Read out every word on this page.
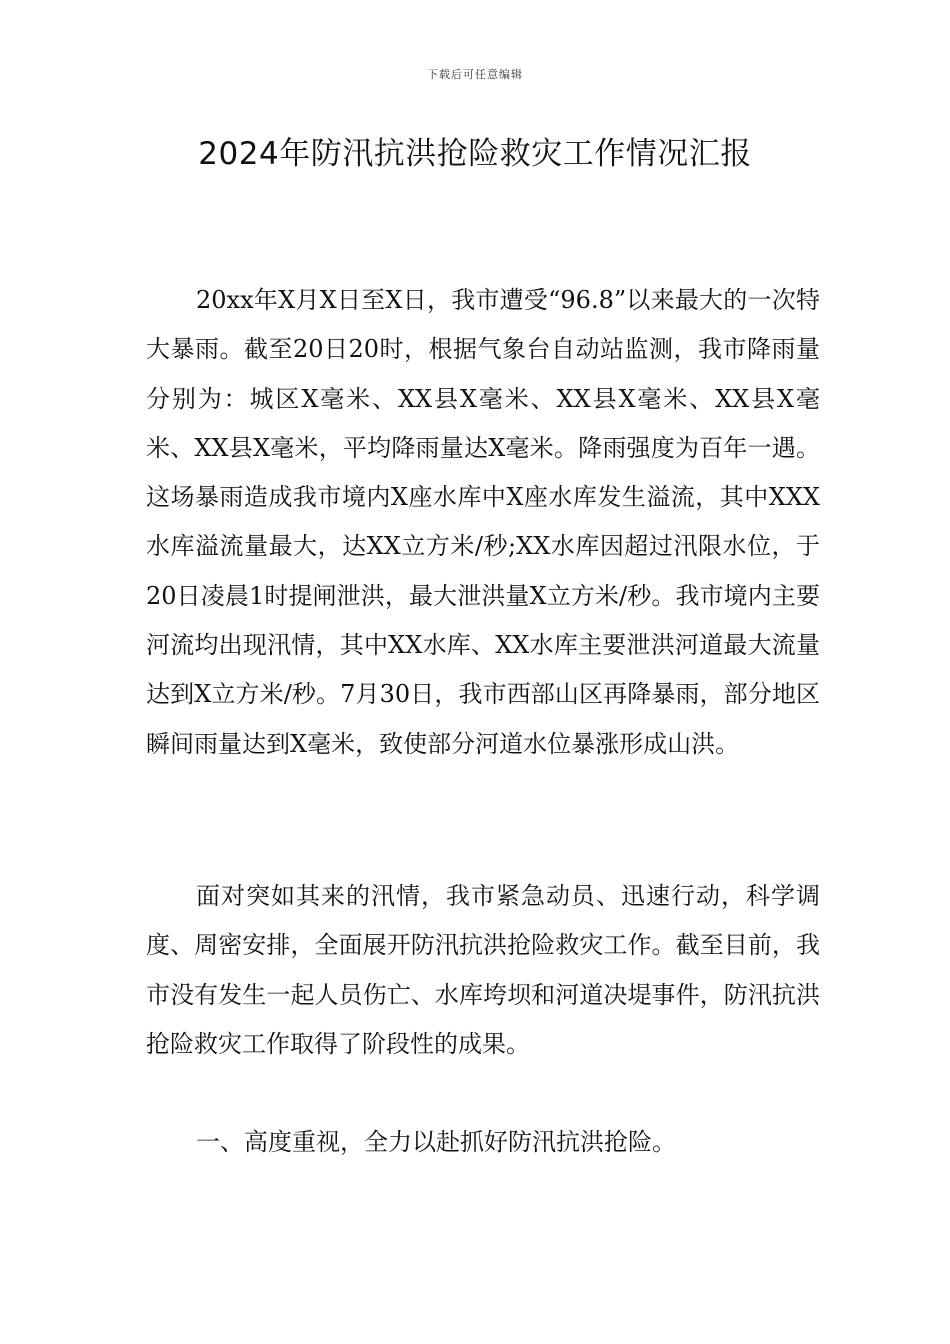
下载后可任意编辑
2024年防汛抗洪抢险救灾工作情况汇报

20xx年X月X日至X日，我市遭受“96.8”以来最大的一次特大暴雨。截至20日20时，根据气象台自动站监测，我市降雨量分别为：城区X毫米、XX县X毫米、XX县X毫米、XX县X毫米、XX县X毫米，平均降雨量达X毫米。降雨强度为百年一遇。这场暴雨造成我市境内X座水库中X座水库发生溢流，其中XXX水库溢流量最大，达XX立方米/秒;XX水库因超过汛限水位，于20日凌晨1时提闸泄洪，最大泄洪量X立方米/秒。我市境内主要河流均出现汛情，其中XX水库、XX水库主要泄洪河道最大流量达到X立方米/秒。7月30日，我市西部山区再降暴雨，部分地区瞬间雨量达到X毫米，致使部分河道水位暴涨形成山洪。

面对突如其来的汛情，我市紧急动员、迅速行动，科学调度、周密安排，全面展开防汛抗洪抢险救灾工作。截至目前，我市没有发生一起人员伤亡、水库垮坝和河道决堤事件，防汛抗洪抢险救灾工作取得了阶段性的成果。

一、高度重视，全力以赴抓好防汛抗洪抢险。
